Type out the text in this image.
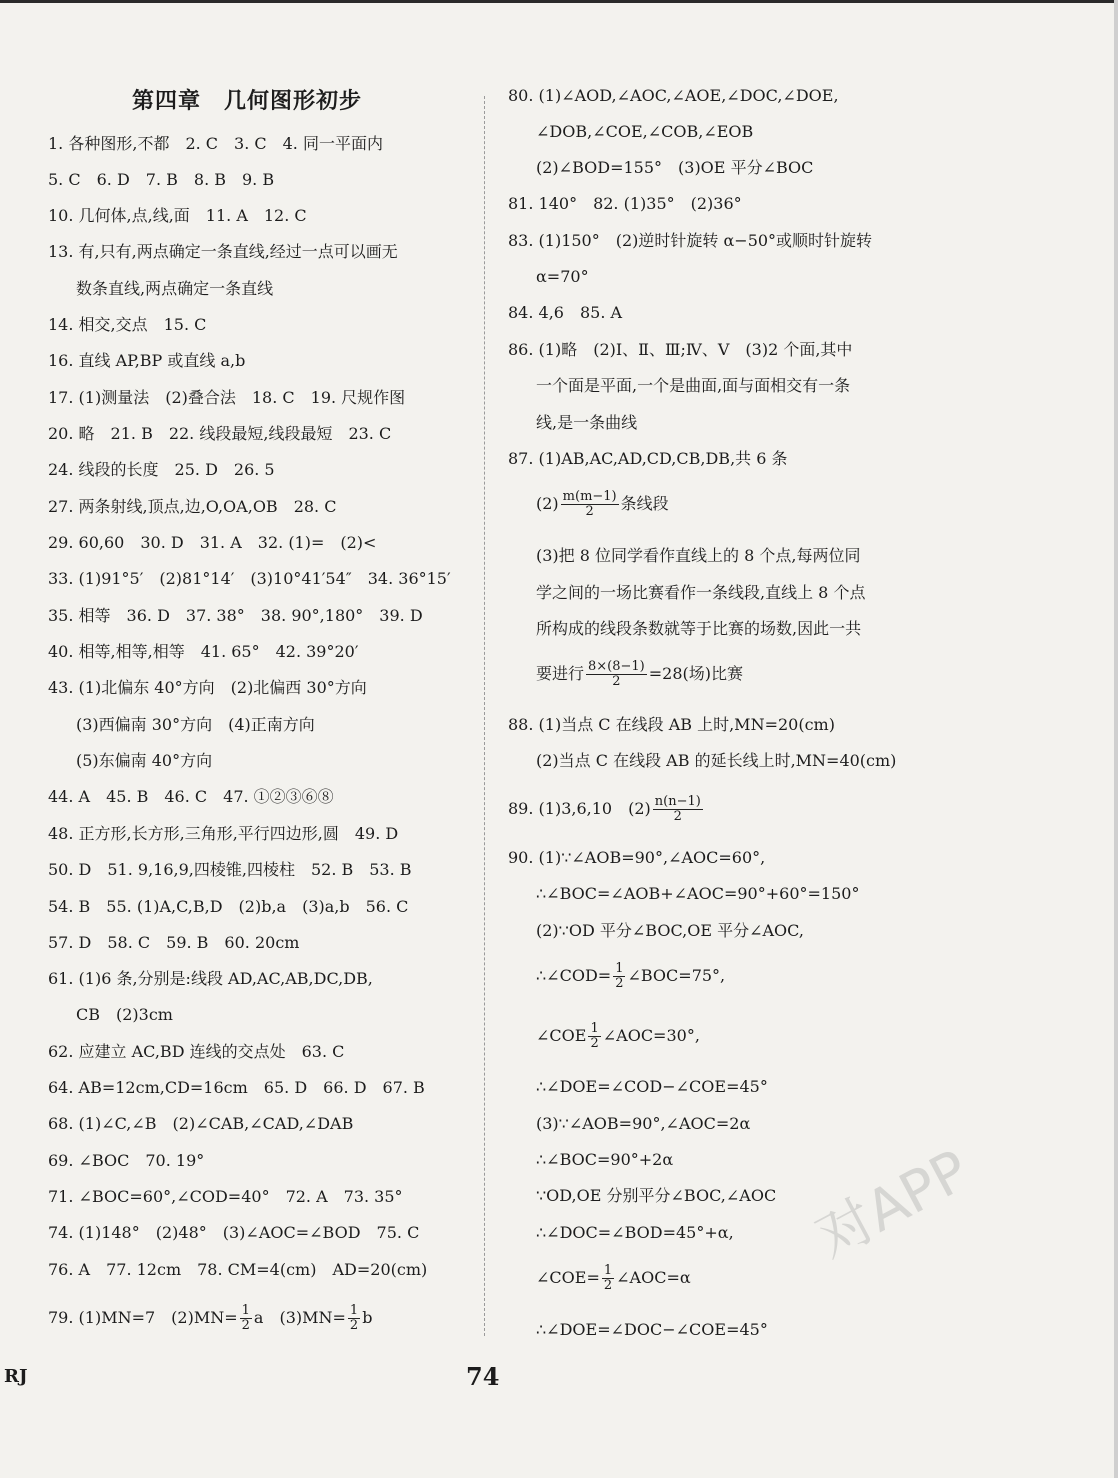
第四章　几何图形初步
1. 各种图形,不都　2. C　3. C　4. 同一平面内
5. C　6. D　7. B　8. B　9. B
10. 几何体,点,线,面　11. A　12. C
13. 有,只有,两点确定一条直线,经过一点可以画无
数条直线,两点确定一条直线
14. 相交,交点　15. C
16. 直线 AP,BP 或直线 a,b
17. (1)测量法　(2)叠合法　18. C　19. 尺规作图
20. 略　21. B　22. 线段最短,线段最短　23. C
24. 线段的长度　25. D　26. 5
27. 两条射线,顶点,边,O,OA,OB　28. C
29. 60,60　30. D　31. A　32. (1)=　(2)<
33. (1)91°5′　(2)81°14′　(3)10°41′54″　34. 36°15′
35. 相等　36. D　37. 38°　38. 90°,180°　39. D
40. 相等,相等,相等　41. 65°　42. 39°20′
43. (1)北偏东 40°方向　(2)北偏西 30°方向
(3)西偏南 30°方向　(4)正南方向
(5)东偏南 40°方向
44. A　45. B　46. C　47. ①②③⑥⑧
48. 正方形,长方形,三角形,平行四边形,圆　49. D
50. D　51. 9,16,9,四棱锥,四棱柱　52. B　53. B
54. B　55. (1)A,C,B,D　(2)b,a　(3)a,b　56. C
57. D　58. C　59. B　60. 20cm
61. (1)6 条,分别是:线段 AD,AC,AB,DC,DB,
CB　(2)3cm
62. 应建立 AC,BD 连线的交点处　63. C
64. AB=12cm,CD=16cm　65. D　66. D　67. B
68. (1)∠C,∠B　(2)∠CAB,∠CAD,∠DAB
69. ∠BOC　70. 19°
71. ∠BOC=60°,∠COD=40°　72. A　73. 35°
74. (1)148°　(2)48°　(3)∠AOC=∠BOD　75. C
76. A　77. 12cm　78. CM=4(cm)　AD=20(cm)
80. (1)∠AOD,∠AOC,∠AOE,∠DOC,∠DOE,
∠DOB,∠COE,∠COB,∠EOB
(2)∠BOD=155°　(3)OE 平分∠BOC
81. 140°　82. (1)35°　(2)36°
83. (1)150°　(2)逆时针旋转 α−50°或顺时针旋转
α=70°
84. 4,6　85. A
86. (1)略　(2)Ⅰ、Ⅱ、Ⅲ;Ⅳ、Ⅴ　(3)2 个面,其中
一个面是平面,一个是曲面,面与面相交有一条
线,是一条曲线
87. (1)AB,AC,AD,CD,CB,DB,共 6 条
(3)把 8 位同学看作直线上的 8 个点,每两位同
学之间的一场比赛看作一条线段,直线上 8 个点
所构成的线段条数就等于比赛的场数,因此一共
88. (1)当点 C 在线段 AB 上时,MN=20(cm)
(2)当点 C 在线段 AB 的延长线上时,MN=40(cm)
90. (1)∵∠AOB=90°,∠AOC=60°,
∴∠BOC=∠AOB+∠AOC=90°+60°=150°
(2)∵OD 平分∠BOC,OE 平分∠AOC,
∴∠DOE=∠COD−∠COE=45°
(3)∵∠AOB=90°,∠AOC=2α
∴∠BOC=90°+2α
∵OD,OE 分别平分∠BOC,∠AOC
∴∠DOC=∠BOD=45°+α,
79. (1)MN=7　$(2)MN= \frac{1}{2}$ a　$(3)MN= \frac{1}{2}$ b
$(2) \frac{m(m-1)}{2}$ 条线段
要进行 $\frac{8\times(8-1)}{2} =28$(场)比赛
89. (1)3,6,10　$(2) \frac{n(n-1)}{2}$
∴∠COD= $\frac{1}{2}$ ∠BOC=75°,
∠COE $\frac{1}{2}$ ∠AOC=30°,
∠COE= $\frac{1}{2}$ ∠AOC=α
∴∠DOE=∠DOC−∠COE=45°
RJ	74
对APP
